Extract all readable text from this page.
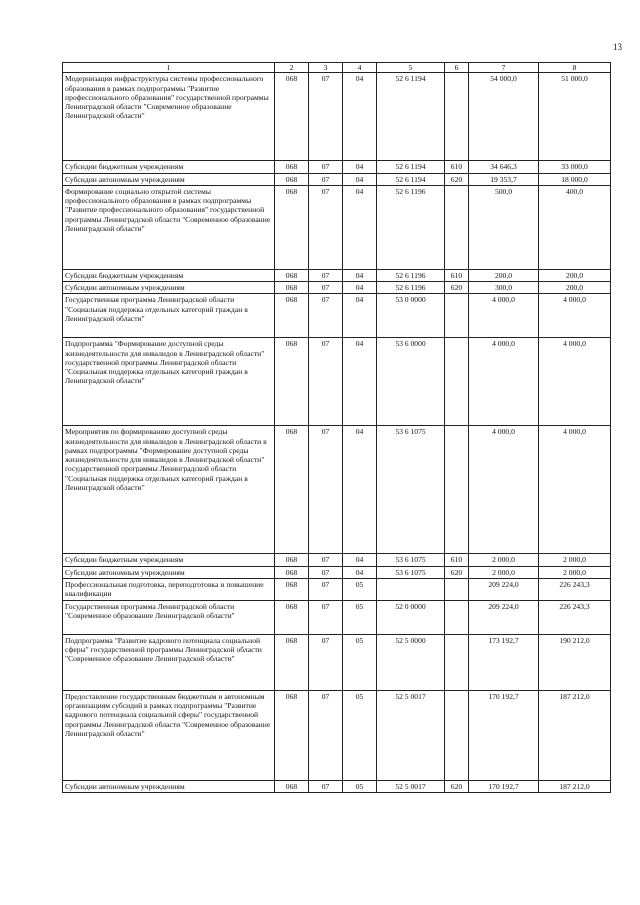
13
1	2	3	4	5	6	7	8
Модернизация инфраструктуры системы профессионального образования в рамках подпрограммы "Развитие профессионального образования" государственной программы Ленинградской области "Современное образование Ленинградской области"	068	07	04	52 6 1194		54 000,0	51 000,0
Субсидии бюджетным учреждениям	068	07	04	52 6 1194	610	34 646,3	33 000,0
Субсидии автономным учреждениям	068	07	04	52 6 1194	620	19 353,7	18 000,0
Формирование социально открытой системы профессионального образования в рамках подпрограммы "Развитие профессионального образования" государственной программы Ленинградской области "Современное образование Ленинградской области"	068	07	04	52 6 1196		500,0	400,0
Субсидии бюджетным учреждениям	068	07	04	52 6 1196	610	200,0	200,0
Субсидии автономным учреждениям	068	07	04	52 6 1196	620	300,0	200,0
Государственная программа Ленинградской области "Социальная поддержка отдельных категорий граждан в Ленинградской области"	068	07	04	53 0 0000		4 000,0	4 000,0
Подпрограмма "Формирование доступной среды жизнедеятельности для инвалидов в Ленинградской области" государственной программы Ленинградской области "Социальная поддержка отдельных категорий граждан в Ленинградской области"	068	07	04	53 6 0000		4 000,0	4 000,0
Мероприятия по формированию доступной среды жизнедеятельности для инвалидов в Ленинградской области в рамках подпрограммы "Формирование доступной среды жизнедеятельности для инвалидов в Ленинградской области" государственной программы Ленинградской области "Социальная поддержка отдельных категорий граждан в Ленинградской области"	068	07	04	53 6 1075		4 000,0	4 000,0
Субсидии бюджетным учреждениям	068	07	04	53 6 1075	610	2 000,0	2 000,0
Субсидии автономным учреждениям	068	07	04	53 6 1075	620	2 000,0	2 000,0
Профессиональная подготовка, переподготовка и повышение квалификации	068	07	05			209 224,0	226 243,3
Государственная программа Ленинградской области "Современное образование Ленинградской области"	068	07	05	52 0 0000		209 224,0	226 243,3
Подпрограмма "Развитие кадрового потенциала социальной сферы" государственной программы Ленинградской области "Современное образование Ленинградской области"	068	07	05	52 5 0000		173 192,7	190 212,0
Предоставление государственным бюджетным и автономным организациям субсидий в рамках подпрограммы "Развитие кадрового потенциала социальной сферы" государственной программы Ленинградской области "Современное образование Ленинградской области"	068	07	05	52 5 0017		170 192,7	187 212,0
Субсидии автономным учреждениям	068	07	05	52 5 0017	620	170 192,7	187 212,0
